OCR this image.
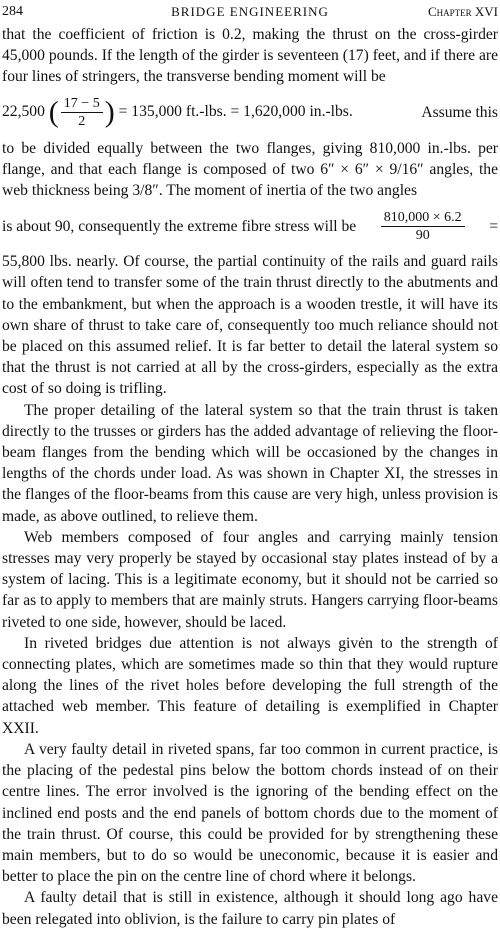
284	BRIDGE ENGINEERING	Chapter XVI

that the coefficient of friction is 0.2, making the thrust on the cross-girder 45,000 pounds. If the length of the girder is seventeen (17) feet, and if there are four lines of stringers, the transverse bending moment will be

22,500 ( $\frac{17 - 5}{2}$ ) = 135,000 ft.-lbs. = 1,620,000 in.-lbs.	Assume this

to be divided equally between the two flanges, giving 810,000 in.-lbs. per flange, and that each flange is composed of two 6″ × 6″ × 9/16″ angles, the web thickness being 3/8″. The moment of inertia of the two angles

is about 90, consequently the extreme fibre stress will be $\frac{810,000 \times 6.2}{90}$ =

55,800 lbs. nearly. Of course, the partial continuity of the rails and guard rails will often tend to transfer some of the train thrust directly to the abutments and to the embankment, but when the approach is a wooden trestle, it will have its own share of thrust to take care of, consequently too much reliance should not be placed on this assumed relief. It is far better to detail the lateral system so that the thrust is not carried at all by the cross-girders, especially as the extra cost of so doing is trifling.

The proper detailing of the lateral system so that the train thrust is taken directly to the trusses or girders has the added advantage of relieving the floor-beam flanges from the bending which will be occasioned by the changes in lengths of the chords under load. As was shown in Chapter XI, the stresses in the flanges of the floor-beams from this cause are very high, unless provision is made, as above outlined, to relieve them.

Web members composed of four angles and carrying mainly tension stresses may very properly be stayed by occasional stay plates instead of by a system of lacing. This is a legitimate economy, but it should not be carried so far as to apply to members that are mainly struts. Hangers carrying floor-beams riveted to one side, however, should be laced.

In riveted bridges due attention is not always givėn to the strength of connecting plates, which are sometimes made so thin that they would rupture along the lines of the rivet holes before developing the full strength of the attached web member. This feature of detailing is exemplified in Chapter XXII.

A very faulty detail in riveted spans, far too common in current practice, is the placing of the pedestal pins below the bottom chords instead of on their centre lines. The error involved is the ignoring of the bending effect on the inclined end posts and the end panels of bottom chords due to the moment of the train thrust. Of course, this could be provided for by strengthening these main members, but to do so would be uneconomic, because it is easier and better to place the pin on the centre line of chord where it belongs.

A faulty detail that is still in existence, although it should long ago have been relegated into oblivion, is the failure to carry pin plates of
